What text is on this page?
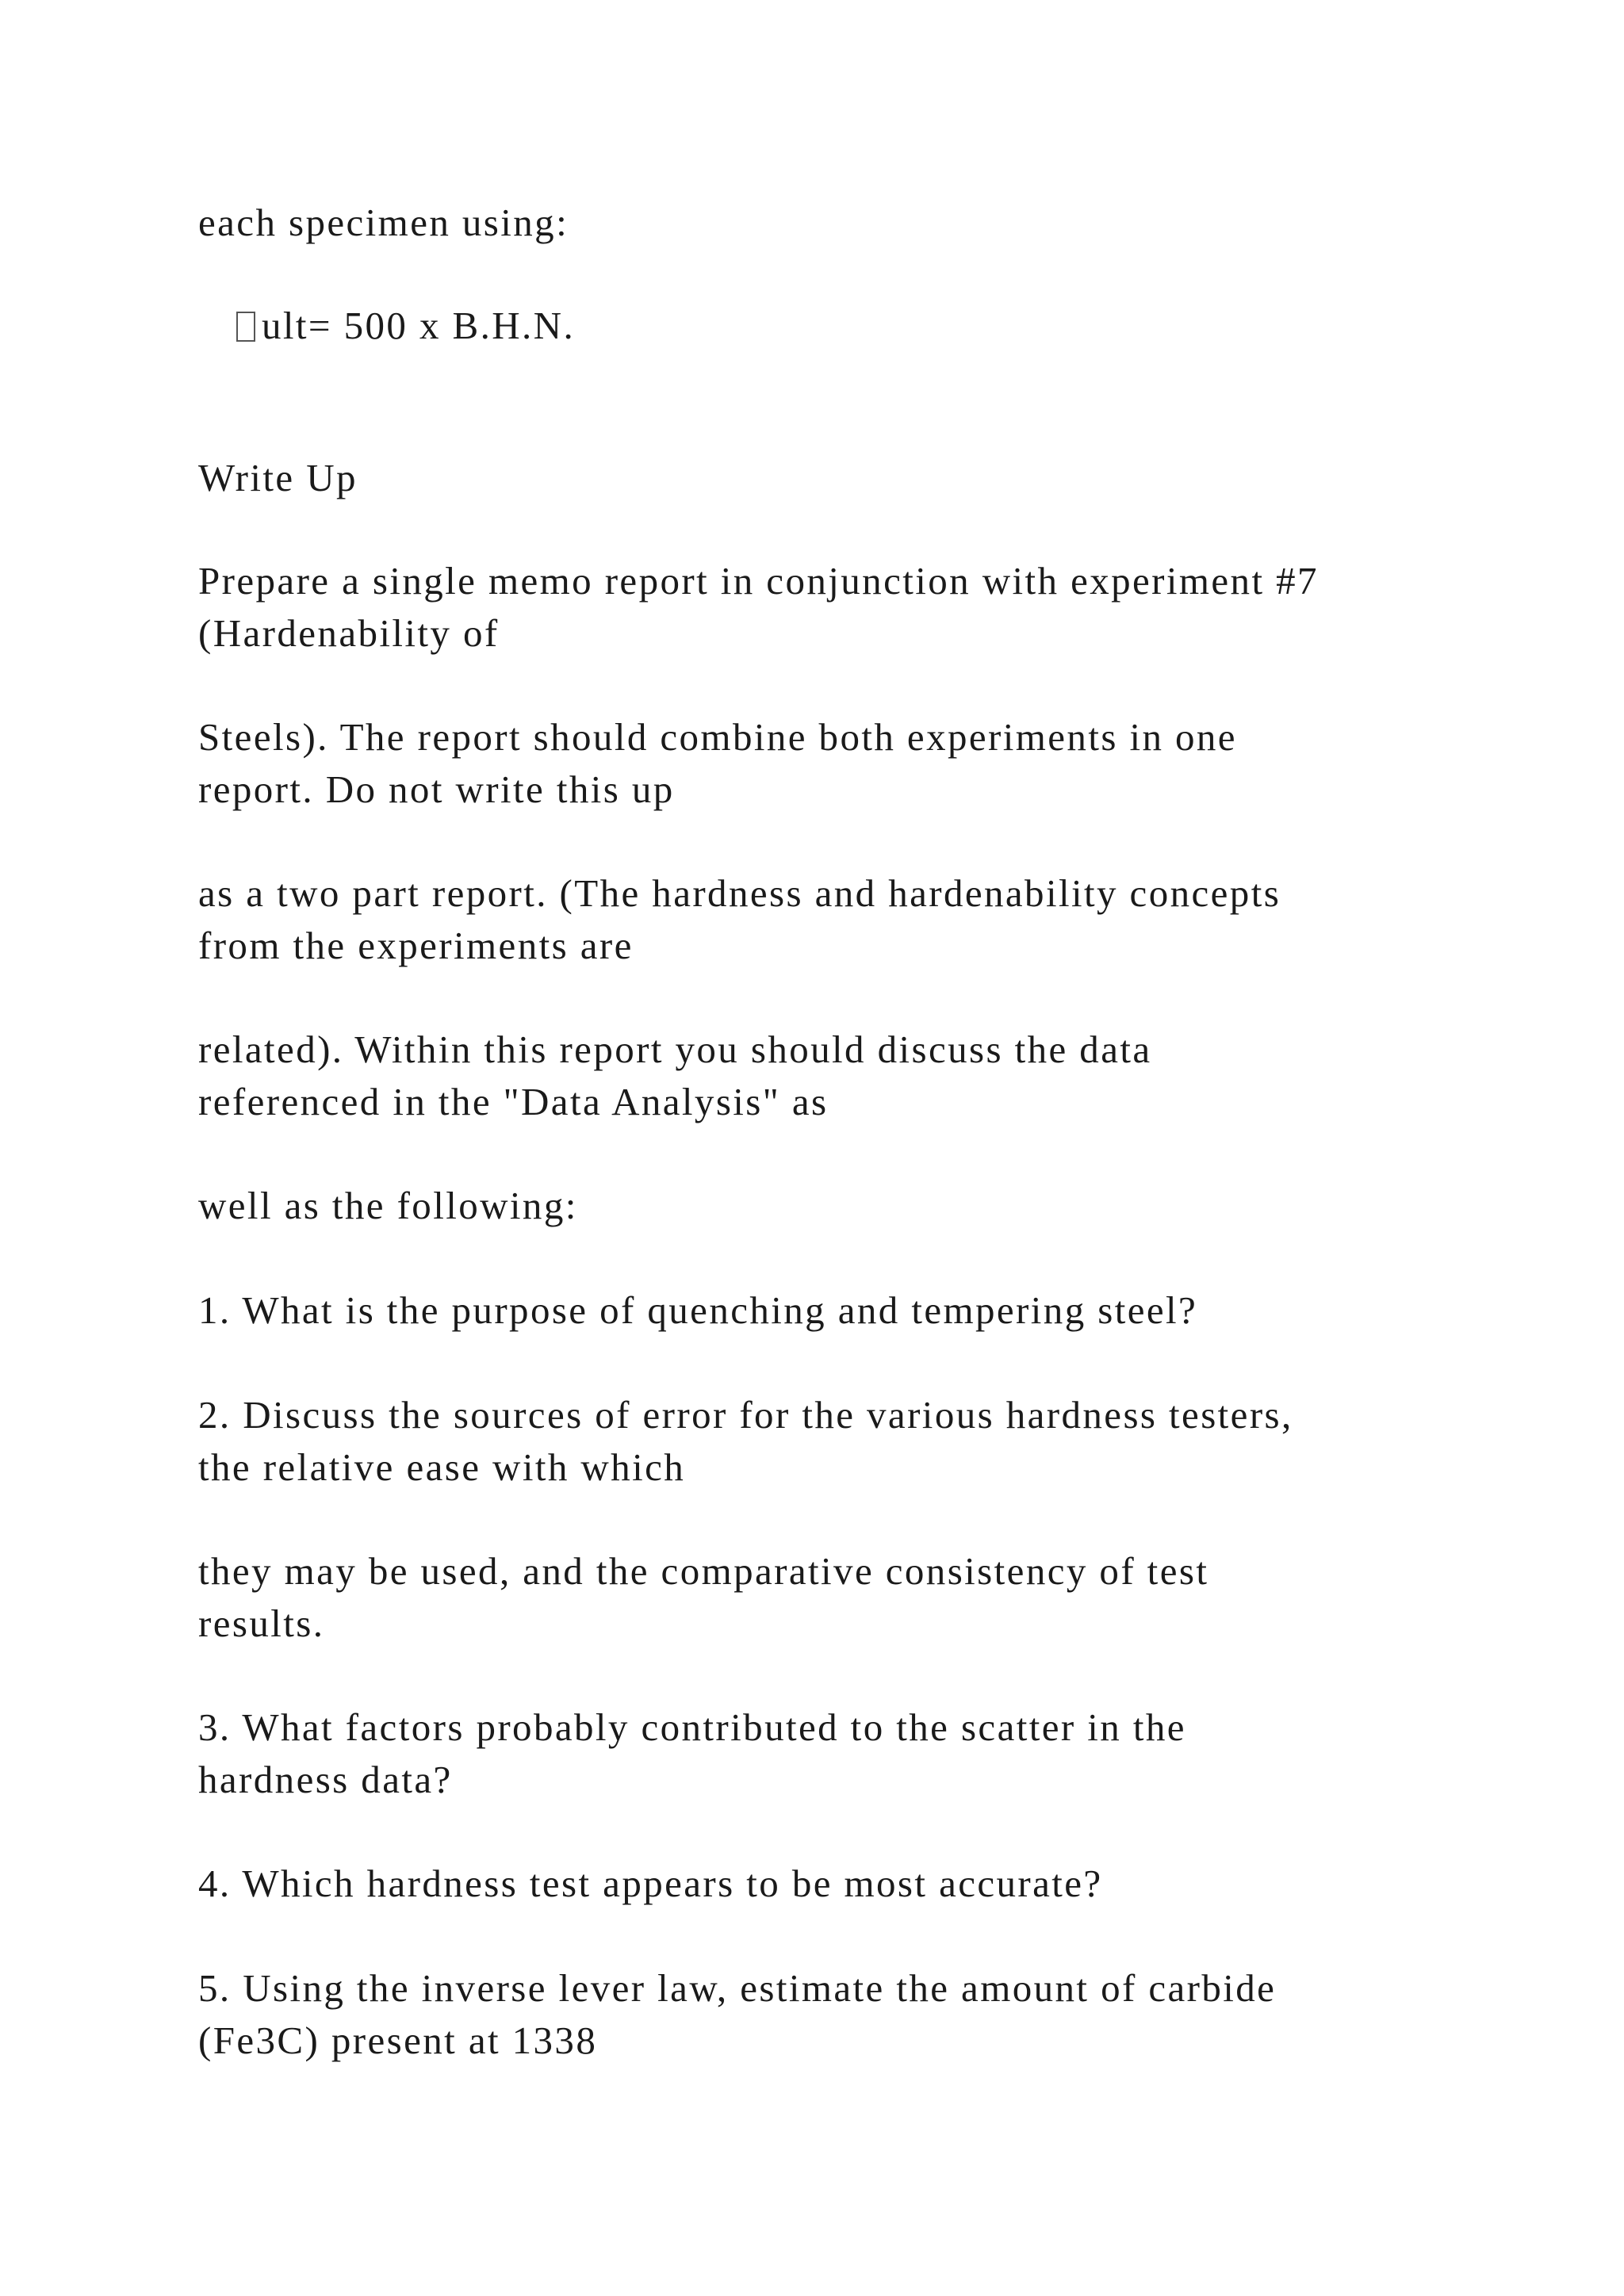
each specimen using:

ult= 500 x B.H.N.

Write Up

Prepare a single memo report in conjunction with experiment #7

(Hardenability of

Steels). The report should combine both experiments in one

report. Do not write this up

as a two part report. (The hardness and hardenability concepts

from the experiments are

related). Within this report you should discuss the data

referenced in the "Data Analysis" as

well as the following:

1. What is the purpose of quenching and tempering steel?

2. Discuss the sources of error for the various hardness testers,

the relative ease with which

they may be used, and the comparative consistency of test

results.

3. What factors probably contributed to the scatter in the

hardness data?

4. Which hardness test appears to be most accurate?

5. Using the inverse lever law, estimate the amount of carbide

(Fe3C) present at 1338
